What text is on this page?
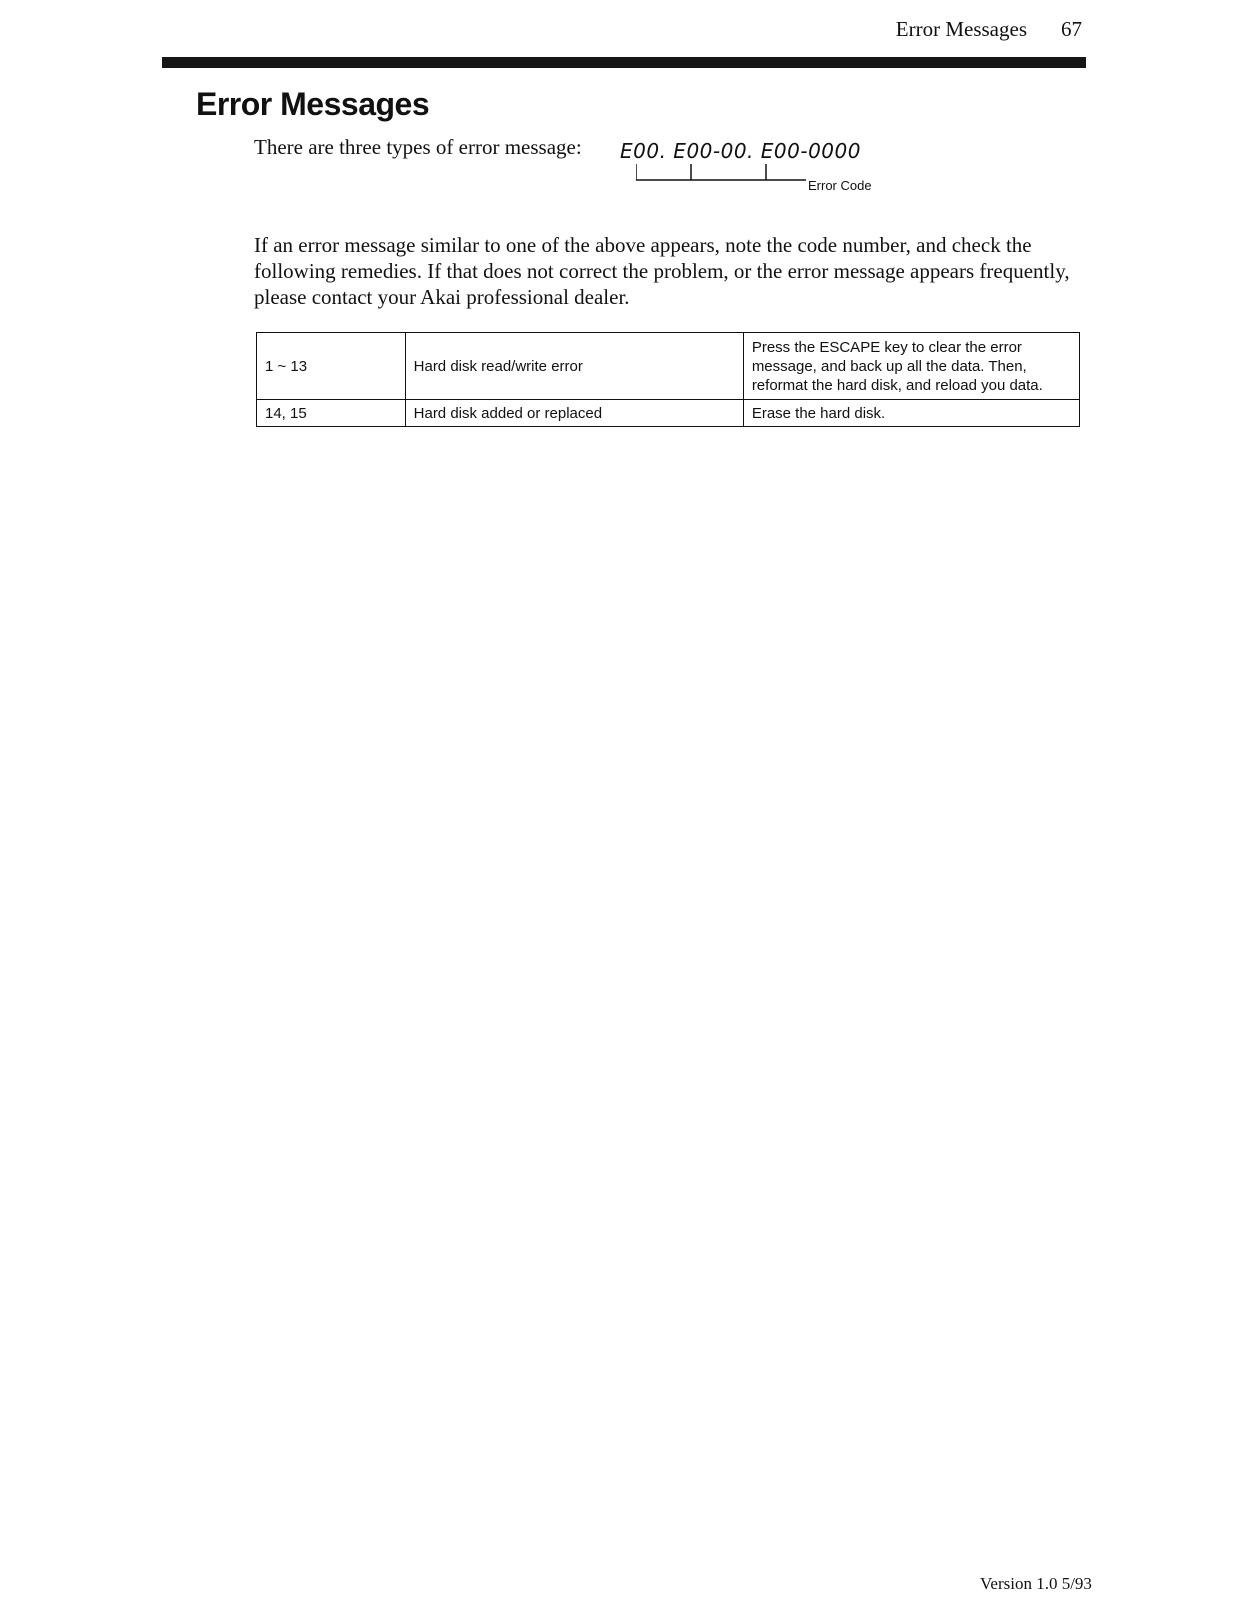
Error Messages 67
Error Messages
There are three types of error message: E00. E00-00. E00-0000
Error Code

If an error message similar to one of the above appears, note the code number, and check the following remedies. If that does not correct the problem, or the error message appears frequently, please contact your Akai professional dealer.

1 ~ 13	Hard disk read/write error	Press the ESCAPE key to clear the error message, and back up all the data. Then, reformat the hard disk, and reload you data.
14, 15	Hard disk added or replaced	Erase the hard disk.
Version 1.0 5/93
